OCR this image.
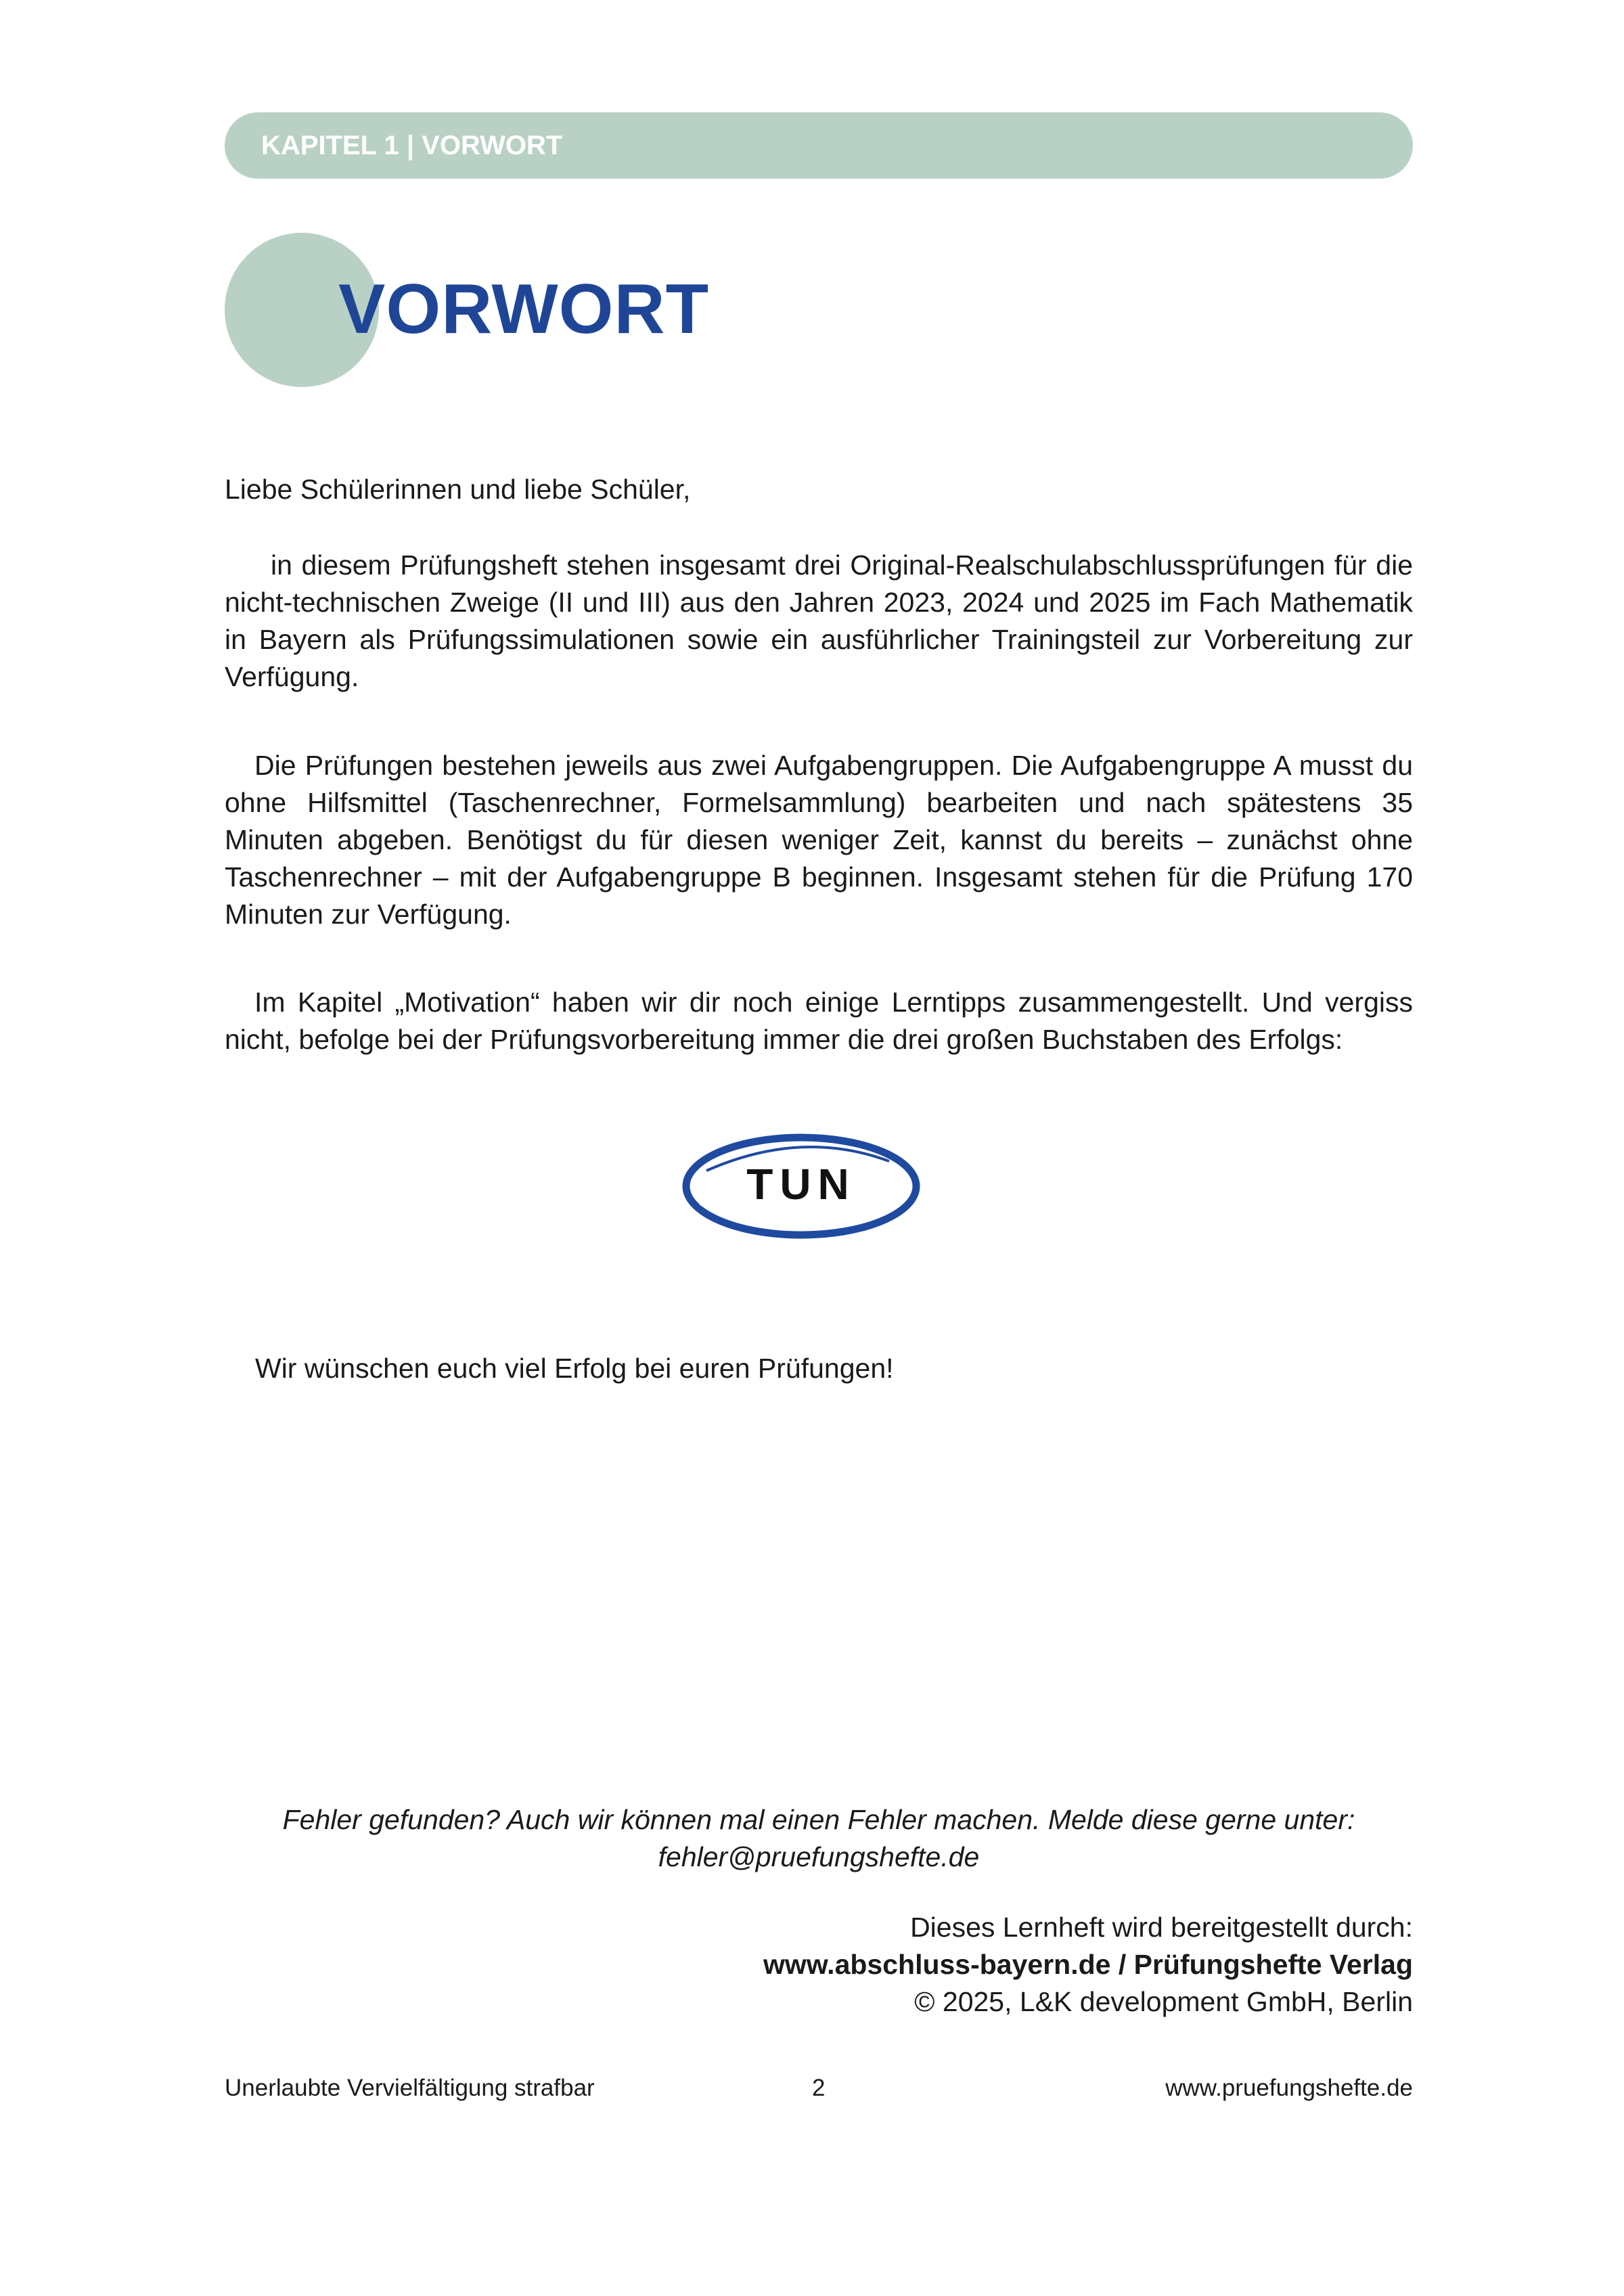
KAPITEL 1 | VORWORT
VORWORT
Liebe Schülerinnen und liebe Schüler,
in diesem Prüfungsheft stehen insgesamt drei Original-Realschulabschlussprüfungen für die nicht-technischen Zweige (II und III) aus den Jahren 2023, 2024 und 2025 im Fach Mathematik in Bayern als Prüfungssimulationen sowie ein ausführlicher Trainingsteil zur Vorbereitung zur Verfügung.
Die Prüfungen bestehen jeweils aus zwei Aufgabengruppen. Die Aufgabengruppe A musst du ohne Hilfsmittel (Taschenrechner, Formelsammlung) bearbeiten und nach spätestens 35 Minuten abgeben. Benötigst du für diesen weniger Zeit, kannst du bereits – zunächst ohne Taschenrechner – mit der Aufgabengruppe B beginnen. Insgesamt stehen für die Prüfung 170 Minuten zur Verfügung.
Im Kapitel „Motivation“ haben wir dir noch einige Lerntipps zusammengestellt. Und vergiss nicht, befolge bei der Prüfungsvorbereitung immer die drei großen Buchstaben des Erfolgs:
TUN
Wir wünschen euch viel Erfolg bei euren Prüfungen!
Fehler gefunden? Auch wir können mal einen Fehler machen. Melde diese gerne unter:
fehler@pruefungshefte.de
Dieses Lernheft wird bereitgestellt durch:
www.abschluss-bayern.de / Prüfungshefte Verlag
© 2025, L&K development GmbH, Berlin
Unerlaubte Vervielfältigung strafbar	2	www.pruefungshefte.de
